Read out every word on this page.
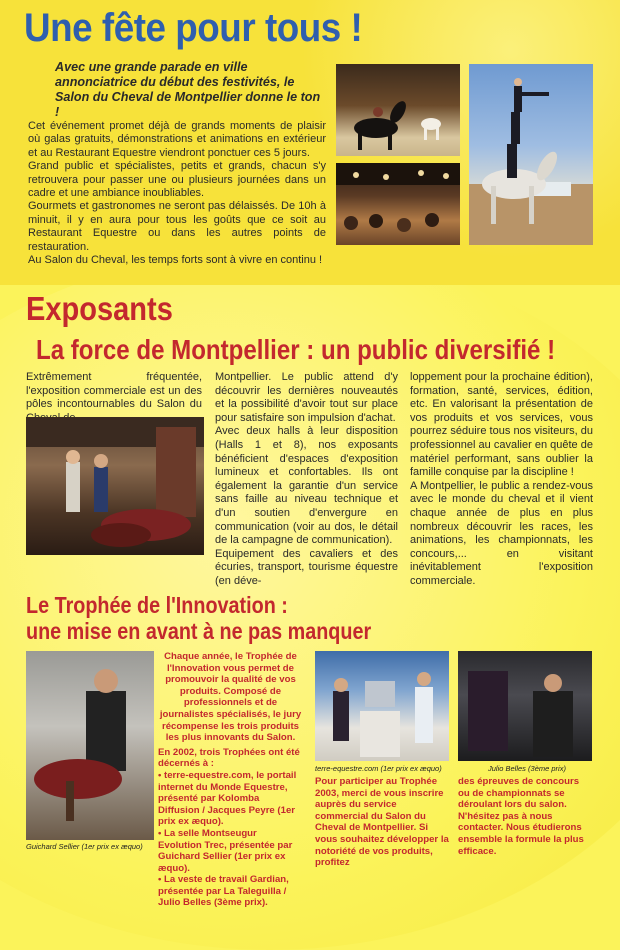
Une fête pour tous !
Avec une grande parade en ville annonciatrice du début des festivités, le Salon du Cheval de Montpellier donne le ton !

Cet événement promet déjà de grands moments de plaisir où galas gratuits, démonstrations et animations en extérieur et au Restaurant Equestre viendront ponctuer ces 5 jours.

Grand public et spécialistes, petits et grands, chacun s'y retrouvera pour passer une ou plusieurs journées dans un cadre et une ambiance inoubliables.

Gourmets et gastronomes ne seront pas délaissés. De 10h à minuit, il y en aura pour tous les goûts que ce soit au Restaurant Equestre ou dans les autres points de restauration.

Au Salon du Cheval, les temps forts sont à vivre en continu !

Exposants
La force de Montpellier : un public diversifié !
Extrêmement fréquentée, l'exposition commerciale est un des pôles incontournables du Salon du
Montpellier. Le public attend d'y découvrir les dernières nouveautés et la possibilité d'avoir tout sur place pour satisfaire son impulsion d'achat.
Avec deux halls à leur disposition (Halls 1 et 8), nos exposants bénéficient d'espaces d'exposition lumineux et confortables. Ils ont également la garantie d'un service sans faille au niveau technique et d'un soutien d'envergure en communication (voir au dos, le détail de la campagne de communication).
Equipement des cavaliers et des écuries, transport, tourisme équestre (en déve-
loppement pour la prochaine édition), formation, santé, services, édition, etc. En valorisant la présentation de vos produits et vos services, vous pourrez séduire tous nos visiteurs, du professionnel au cavalier en quête de matériel performant, sans oublier la famille conquise par la discipline !
A Montpellier, le public a rendez-vous avec le monde du cheval et il vient chaque année de plus en plus nombreux découvrir les races, les animations, les championnats, les concours,... en visitant inévitablement l'exposition commerciale.
Le Trophée de l'Innovation :
une mise en avant à ne pas manquer
Guichard Sellier (1er prix ex æquo)
Chaque année, le Trophée de l'Innovation vous permet de promouvoir la qualité de vos produits. Composé de professionnels et de journalistes spécialisés, le jury récompense les trois produits les plus innovants du Salon.
En 2002, trois Trophées ont été décernés à :
• terre-equestre.com, le portail internet du Monde Equestre, présenté par Kolomba Diffusion / Jacques Peyre (1er prix ex æquo).
• La selle Montseugur Evolution Trec, présentée par Guichard Sellier (1er prix ex æquo).
• La veste de travail Gardian, présentée par La Taleguilla / Julio Belles (3ème prix).
terre-equestre.com (1er prix ex æquo)	Julio Belles (3ème prix)
Pour participer au Trophée 2003, merci de vous inscrire auprès du service commercial du Salon du Cheval de Montpellier. Si vous souhaitez développer la notoriété de vos produits, profitez
des épreuves de concours ou de championnats se déroulant lors du salon. N'hésitez pas à nous contacter. Nous étudierons ensemble la formule la plus efficace.
